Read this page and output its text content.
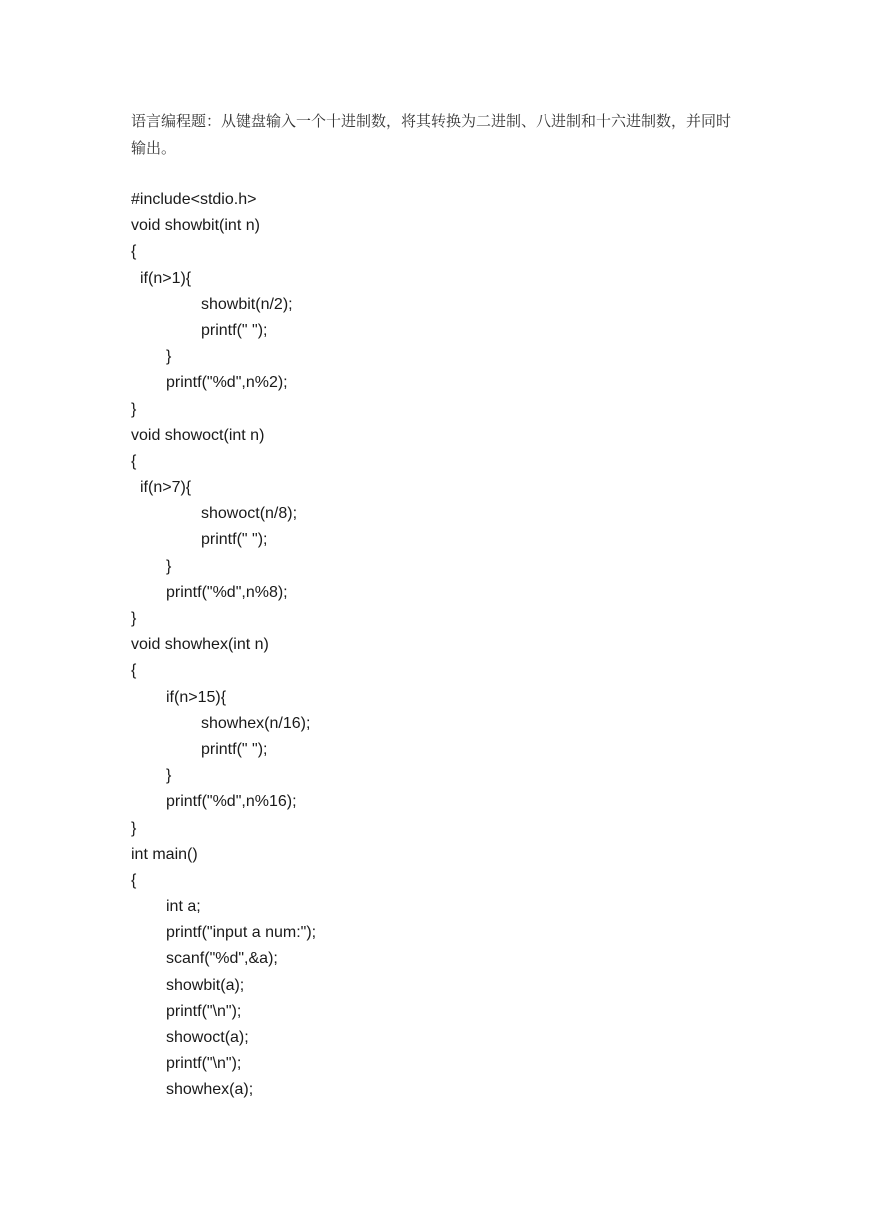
语言编程题：从键盘输入一个十进制数，将其转换为二进制、八进制和十六进制数，并同时

输出。

#include<stdio.h>
void showbit(int n)
{
if(n>1){
showbit(n/2);
printf(" ");
}
printf("%d",n%2);
}
void showoct(int n)
{
if(n>7){
showoct(n/8);
printf(" ");
}
printf("%d",n%8);
}
void showhex(int n)
{
if(n>15){
showhex(n/16);
printf(" ");
}
printf("%d",n%16);
}
int main()
{
int a;
printf("input a num:");
scanf("%d",&a);
showbit(a);
printf("\n");
showoct(a);
printf("\n");
showhex(a);
